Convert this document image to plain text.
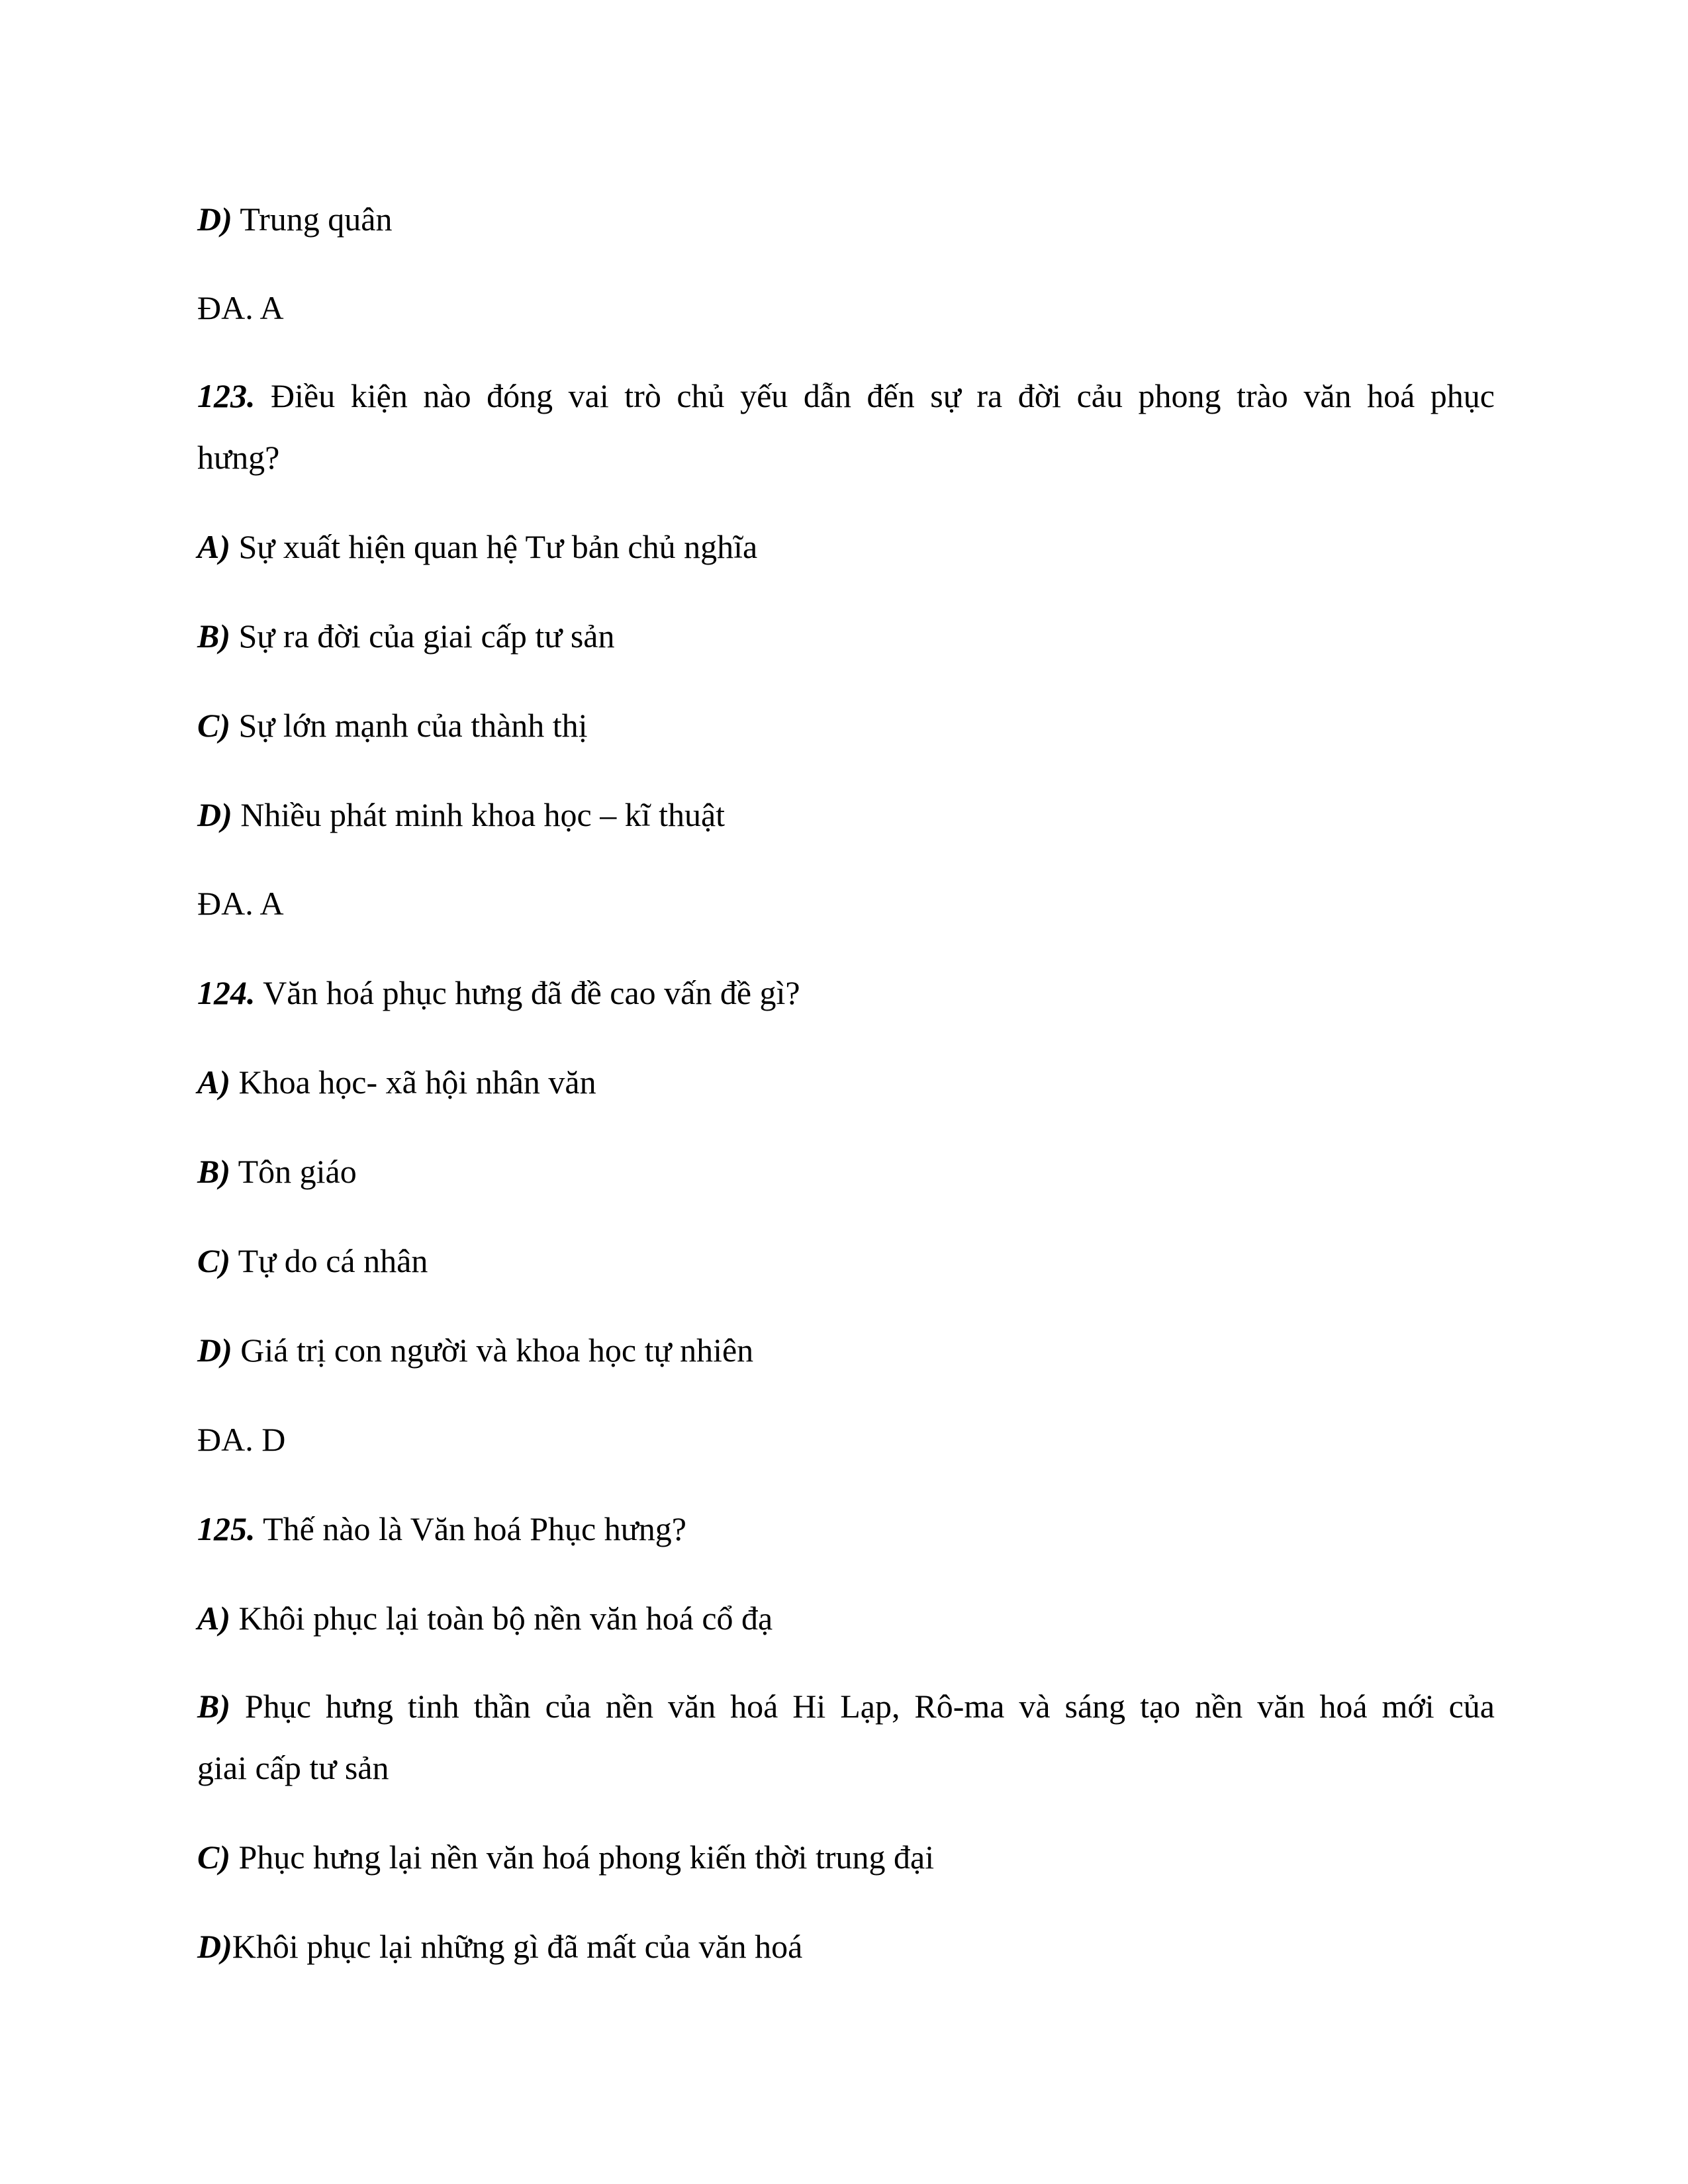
D) Trung quân
ĐA. A
123. Điều kiện nào đóng vai trò chủ yếu dẫn đến sự ra đời cảu phong trào văn hoá phục
hưng?
A) Sự xuất hiện quan hệ Tư bản chủ nghĩa
B) Sự ra đời của giai cấp tư sản
C) Sự lớn mạnh của thành thị
D) Nhiều phát minh khoa học – kĩ thuật
ĐA. A
124. Văn hoá phục hưng đã đề cao vấn đề gì?
A) Khoa học- xã hội nhân văn
B) Tôn giáo
C) Tự do cá nhân
D) Giá trị con người và khoa học tự nhiên
ĐA. D
125. Thế nào là Văn hoá Phục hưng?
A) Khôi phục lại toàn bộ nền văn hoá cổ đạ
B) Phục hưng tinh thần của nền văn hoá Hi Lạp, Rô-ma và sáng tạo nền văn hoá mới của
giai cấp tư sản
C) Phục hưng lại nền văn hoá phong kiến thời trung đại
D)Khôi phục lại những gì đã mất của văn hoá
